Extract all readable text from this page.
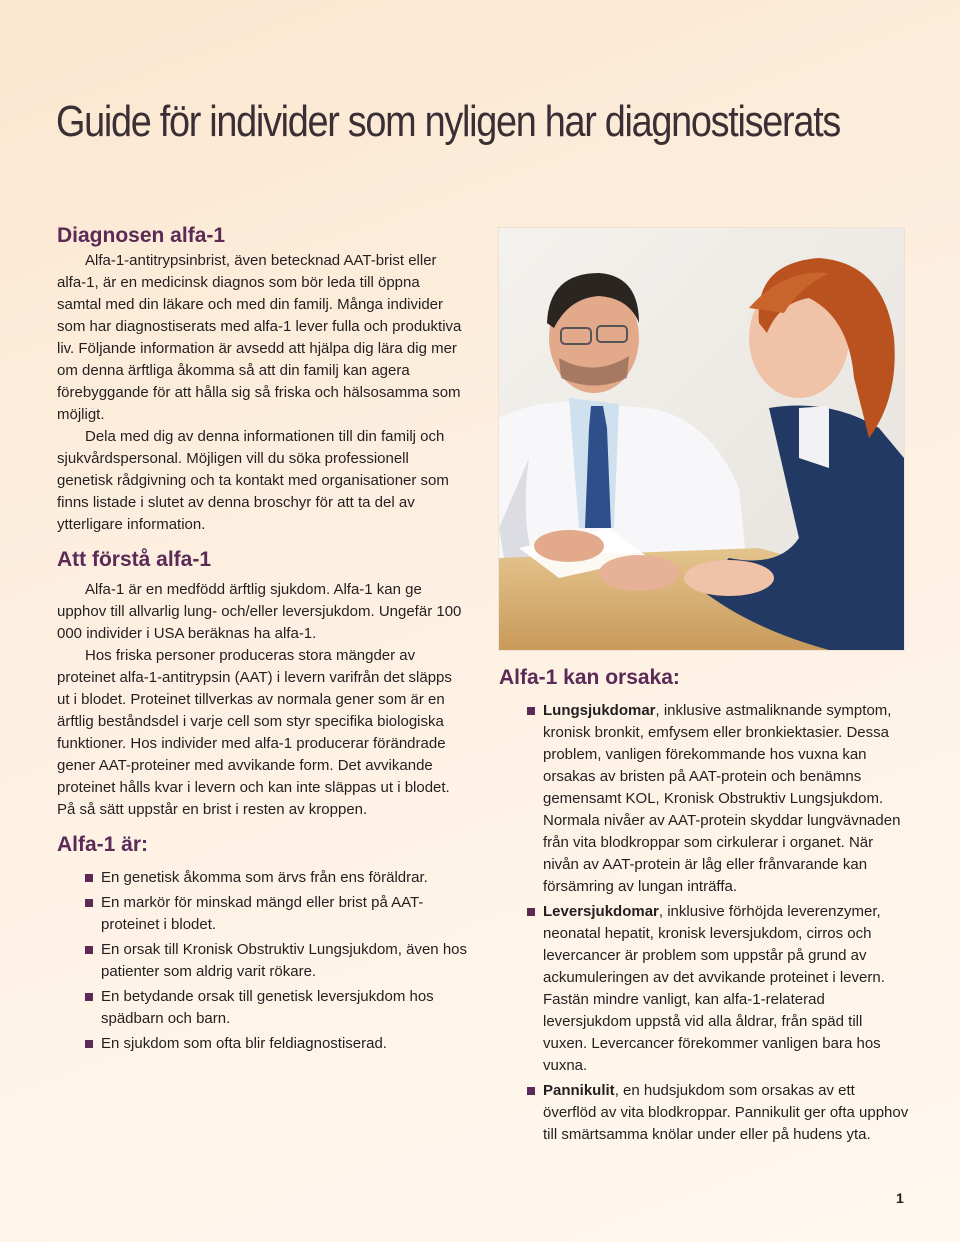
Guide för individer som nyligen har diagnostiserats
Diagnosen alfa-1

Alfa-1-antitrypsinbrist, även betecknad AAT-brist eller alfa-1, är en medicinsk diagnos som bör leda till öppna samtal med din läkare och med din familj. Många individer som har diagnostiserats med alfa-1 lever fulla och produktiva liv. Följande information är avsedd att hjälpa dig lära dig mer om denna ärftliga åkomma så att din familj kan agera förebyggande för att hålla sig så friska och hälsosamma som möjligt.

Dela med dig av denna informationen till din familj och sjukvårdspersonal. Möjligen vill du söka professionell genetisk rådgivning och ta kontakt med organisationer som finns listade i slutet av denna broschyr för att ta del av ytterligare information.

Att förstå alfa-1

Alfa-1 är en medfödd ärftlig sjukdom. Alfa-1 kan ge upphov till allvarlig lung- och/eller leversjukdom. Ungefär 100 000 individer i USA beräknas ha alfa-1.

Hos friska personer produceras stora mängder av proteinet alfa-1-antitrypsin (AAT) i levern varifrån det släpps ut i blodet. Proteinet tillverkas av normala gener som är en ärftlig beståndsdel i varje cell som styr specifika biologiska funktioner. Hos individer med alfa-1 producerar förändrade gener AAT-proteiner med avvikande form. Det avvikande proteinet hålls kvar i levern och kan inte släppas ut i blodet. På så sätt uppstår en brist i resten av kroppen.

Alfa-1 är:
En genetisk åkomma som ärvs från ens föräldrar.
En markör för minskad mängd eller brist på AAT-proteinet i blodet.
En orsak till Kronisk Obstruktiv Lungsjukdom, även hos patienter som aldrig varit rökare.
En betydande orsak till genetisk leversjukdom hos spädbarn och barn.
En sjukdom som ofta blir feldiagnostiserad.
Alfa-1 kan orsaka:
Lungsjukdomar, inklusive astmaliknande symptom, kronisk bronkit, emfysem eller bronkiektasier. Dessa problem, vanligen förekommande hos vuxna kan orsakas av bristen på AAT-protein och benämns gemensamt KOL, Kronisk Obstruktiv Lungsjukdom. Normala nivåer av AAT-protein skyddar lungvävnaden från vita blodkroppar som cirkulerar i organet. När nivån av AAT-protein är låg eller frånvarande kan försämring av lungan inträffa.
Leversjukdomar, inklusive förhöjda leverenzymer, neonatal hepatit, kronisk leversjukdom, cirros och levercancer är problem som uppstår på grund av ackumuleringen av det avvikande proteinet i levern. Fastän mindre vanligt, kan alfa-1-relaterad leversjukdom uppstå vid alla åldrar, från späd till vuxen. Levercancer förekommer vanligen bara hos vuxna.
Pannikulit, en hudsjukdom som orsakas av ett överflöd av vita blodkroppar. Pannikulit ger ofta upphov till smärtsamma knölar under eller på hudens yta.
1
